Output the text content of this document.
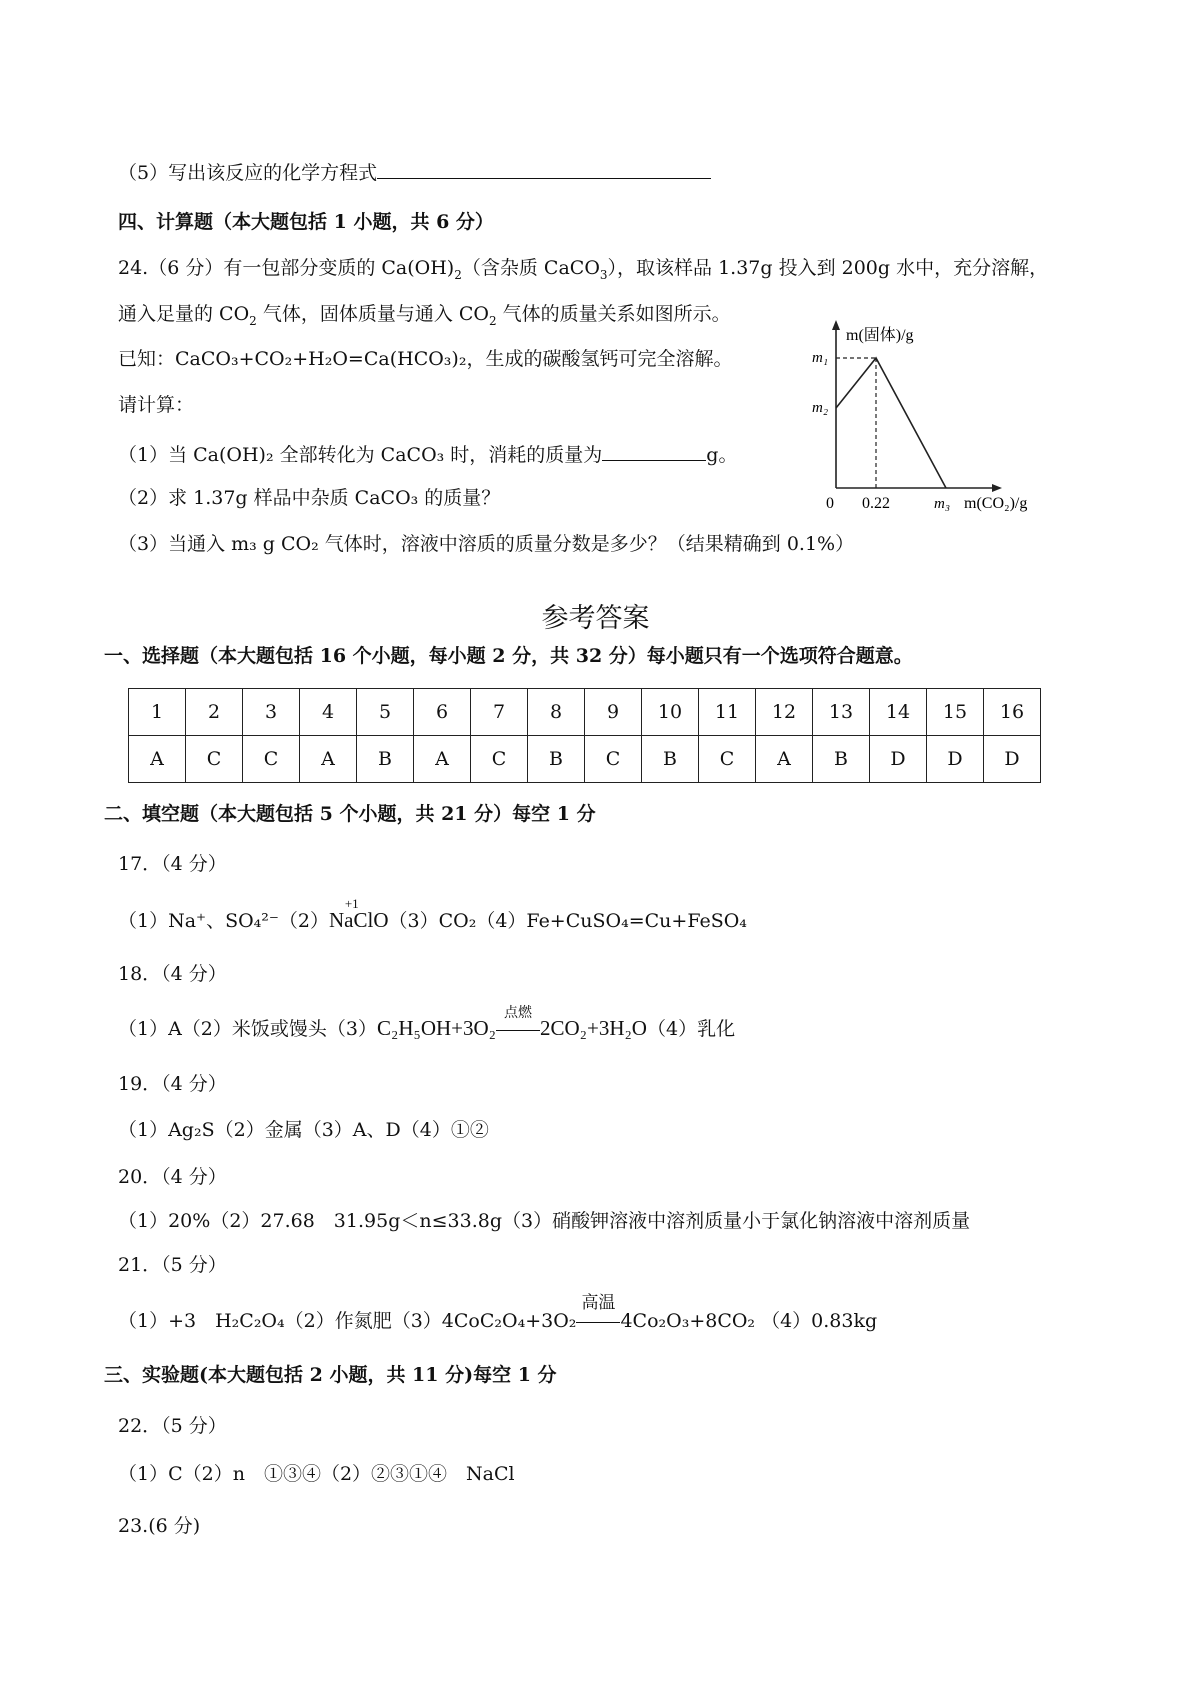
（5）写出该反应的化学方程式
四、计算题（本大题包括 1 小题，共 6 分）
24.（6 分）有一包部分变质的 $Ca(OH)_2$（含杂质 CaCO$_3$），取该样品 1.37g 投入到 200g 水中，充分溶解，
通入足量的 $CO_2$ 气体，固体质量与通入 $CO_2$ 气体的质量关系如图所示。
已知：CaCO₃+CO₂+H₂O=Ca(HCO₃)₂，生成的碳酸氢钙可完全溶解。
请计算：
（1）当 Ca(OH)₂ 全部转化为 CaCO₃ 时，消耗的质量为	g。
（2）求 1.37g 样品中杂质 CaCO₃ 的质量？
（3）当通入 m₃ g CO₂ 气体时，溶液中溶质的质量分数是多少？（结果精确到 0.1%）
m(固体)/g
m₁
m₂
0 0.22	m₃ m(CO₂)/g
参考答案
一、选择题（本大题包括 16 个小题，每小题 2 分，共 32 分）每小题只有一个选项符合题意。
1	2	3	4	5	6	7	8	9	10	11	12	13	14	15	16
A	C	C	A	B	A	C	B	C	B	C	A	B	D	D	D
二、填空题（本大题包括 5 个小题，共 21 分）每空 1 分
17．（4 分）
（1）Na⁺、SO₄²⁻（2）
+1
NaClO（3）CO₂（4）Fe+CuSO₄=Cu+FeSO₄
18．（4 分）
（1）A（2）米饭或馒头（3）C₂H₅OH+3O₂
点燃
2CO₂+3H₂O（4）乳化
19．（4 分）
（1）Ag₂S（2）金属（3）A、D（4）①②
20．（4 分）
（1）20%（2）27.68　31.95g＜n≤33.8g（3）硝酸钾溶液中溶剂质量小于氯化钠溶液中溶剂质量
21．（5 分）
（1）+3　H₂C₂O₄（2）作氮肥（3）4CoC₂O₄+3O₂
高温
4Co₂O₃+8CO₂ （4）0.83kg
三、实验题(本大题包括 2 小题，共 11 分)每空 1 分
22．（5 分）
（1）C（2）n　①③④（2）②③①④　NaCl
23.(6 分)
